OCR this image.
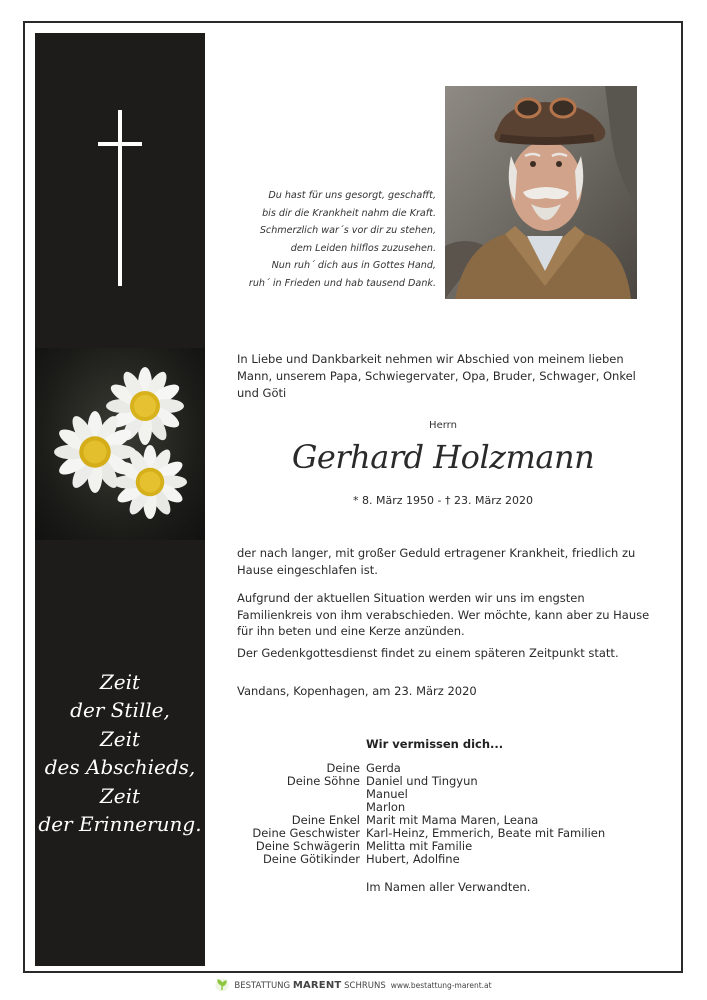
Zeit
der Stille,
Zeit
des Abschieds,
Zeit
der Erinnerung.
Du hast für uns gesorgt, geschafft,
bis dir die Krankheit nahm die Kraft.
Schmerzlich war´s vor dir zu stehen,
dem Leiden hilflos zuzusehen.
Nun ruh´ dich aus in Gottes Hand,
ruh´ in Frieden und hab tausend Dank.
In Liebe und Dankbarkeit nehmen wir Abschied von meinem lieben Mann, unserem Papa, Schwiegervater, Opa, Bruder, Schwager, Onkel und Göti
Herrn
Gerhard Holzmann
* 8. März 1950 - † 23. März 2020
der nach langer, mit großer Geduld ertragener Krankheit, friedlich zu Hause eingeschlafen ist.
Aufgrund der aktuellen Situation werden wir uns im engsten Familienkreis von ihm verabschieden. Wer möchte, kann aber zu Hause für ihn beten und eine Kerze anzünden.
Der Gedenkgottesdienst findet zu einem späteren Zeitpunkt statt.
Vandans, Kopenhagen, am 23. März 2020
Wir vermissen dich...
Deine Gerda
Deine Söhne Daniel und Tingyun
Manuel
Marlon
Deine Enkel Marit mit Mama Maren, Leana
Deine Geschwister Karl-Heinz, Emmerich, Beate mit Familien
Deine Schwägerin Melitta mit Familie
Deine Götikinder Hubert, Adolfine
Im Namen aller Verwandten.
BESTATTUNG MARENT SCHRUNS www.bestattung-marent.at
